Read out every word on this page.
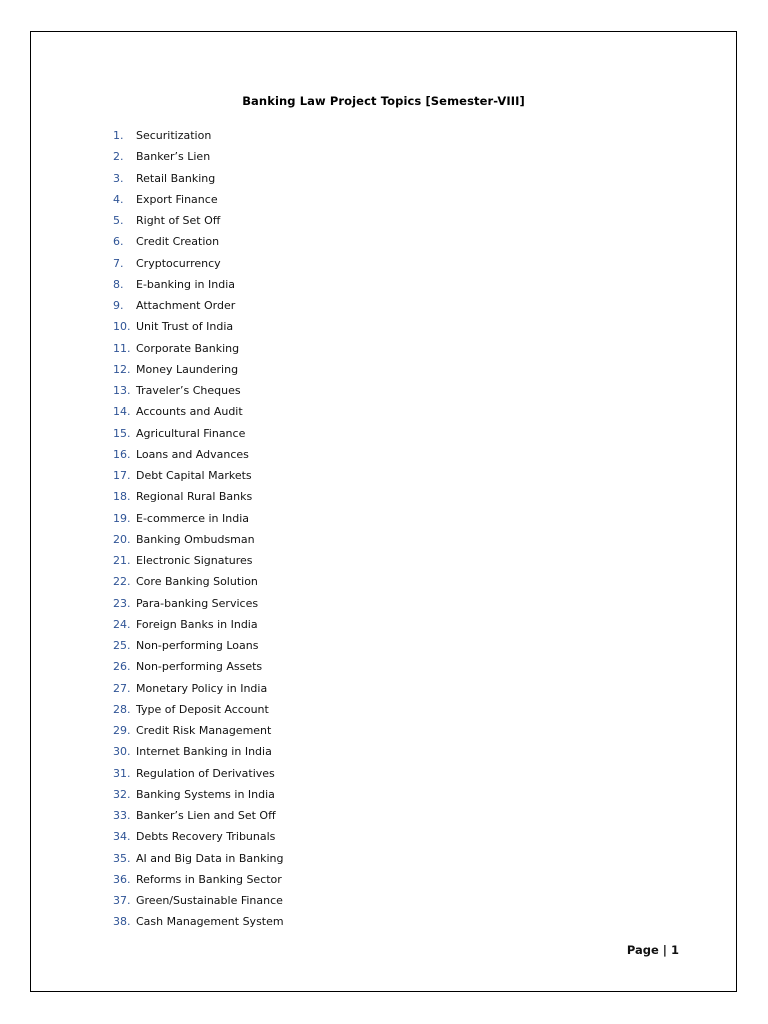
Banking Law Project Topics [Semester-VIII]
1. Securitization
2. Banker’s Lien
3. Retail Banking
4. Export Finance
5. Right of Set Off
6. Credit Creation
7. Cryptocurrency
8. E-banking in India
9. Attachment Order
10. Unit Trust of India
11. Corporate Banking
12. Money Laundering
13. Traveler’s Cheques
14. Accounts and Audit
15. Agricultural Finance
16. Loans and Advances
17. Debt Capital Markets
18. Regional Rural Banks
19. E-commerce in India
20. Banking Ombudsman
21. Electronic Signatures
22. Core Banking Solution
23. Para-banking Services
24. Foreign Banks in India
25. Non-performing Loans
26. Non-performing Assets
27. Monetary Policy in India
28. Type of Deposit Account
29. Credit Risk Management
30. Internet Banking in India
31. Regulation of Derivatives
32. Banking Systems in India
33. Banker’s Lien and Set Off
34. Debts Recovery Tribunals
35. AI and Big Data in Banking
36. Reforms in Banking Sector
37. Green/Sustainable Finance
38. Cash Management System
Page | 1
